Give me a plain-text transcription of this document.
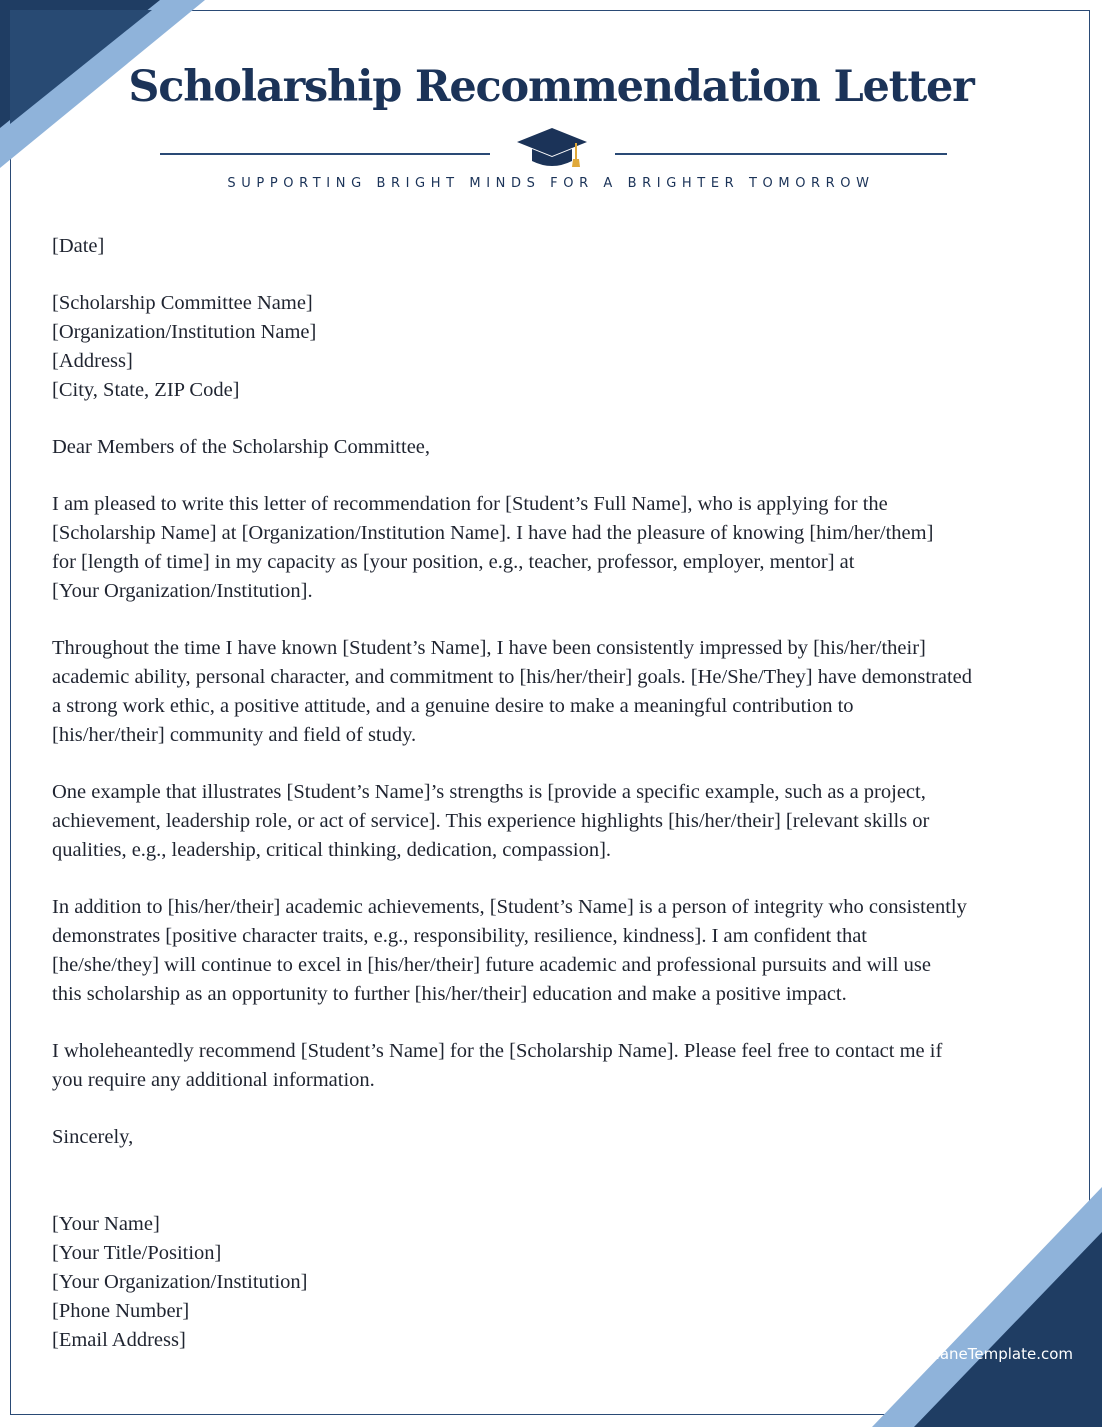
Scholarship Recommendation Letter
SUPPORTING BRIGHT MINDS FOR A BRIGHTER TOMORROW

[Date]

[Scholarship Committee Name]
[Organization/Institution Name]
[Address]
[City, State, ZIP Code]

Dear Members of the Scholarship Committee,

I am pleased to write this letter of recommendation for [Student’s Full Name], who is applying for the
[Scholarship Name] at [Organization/Institution Name]. I have had the pleasure of knowing [him/her/them]
for [length of time] in my capacity as [your position, e.g., teacher, professor, employer, mentor] at
[Your Organization/Institution].
Throughout the time I have known [Student’s Name], I have been consistently impressed by [his/her/their]
academic ability, personal character, and commitment to [his/her/their] goals. [He/She/They] have demonstrated
a strong work ethic, a positive attitude, and a genuine desire to make a meaningful contribution to
[his/her/their] community and field of study.
One example that illustrates [Student’s Name]’s strengths is [provide a specific example, such as a project,
achievement, leadership role, or act of service]. This experience highlights [his/her/their] [relevant skills or
qualities, e.g., leadership, critical thinking, dedication, compassion].
In addition to [his/her/their] academic achievements, [Student’s Name] is a person of integrity who consistently
demonstrates [positive character traits, e.g., responsibility, resilience, kindness]. I am confident that
[he/she/they] will continue to excel in [his/her/their] future academic and professional pursuits and will use
this scholarship as an opportunity to further [his/her/their] education and make a positive impact.
I wholeheantedly recommend [Student’s Name] for the [Scholarship Name]. Please feel free to contact me if
you require any additional information.

Sincerely,

[Your Name]
[Your Title/Position]
[Your Organization/Institution]
[Phone Number]
[Email Address]
DaianeTemplate.com
